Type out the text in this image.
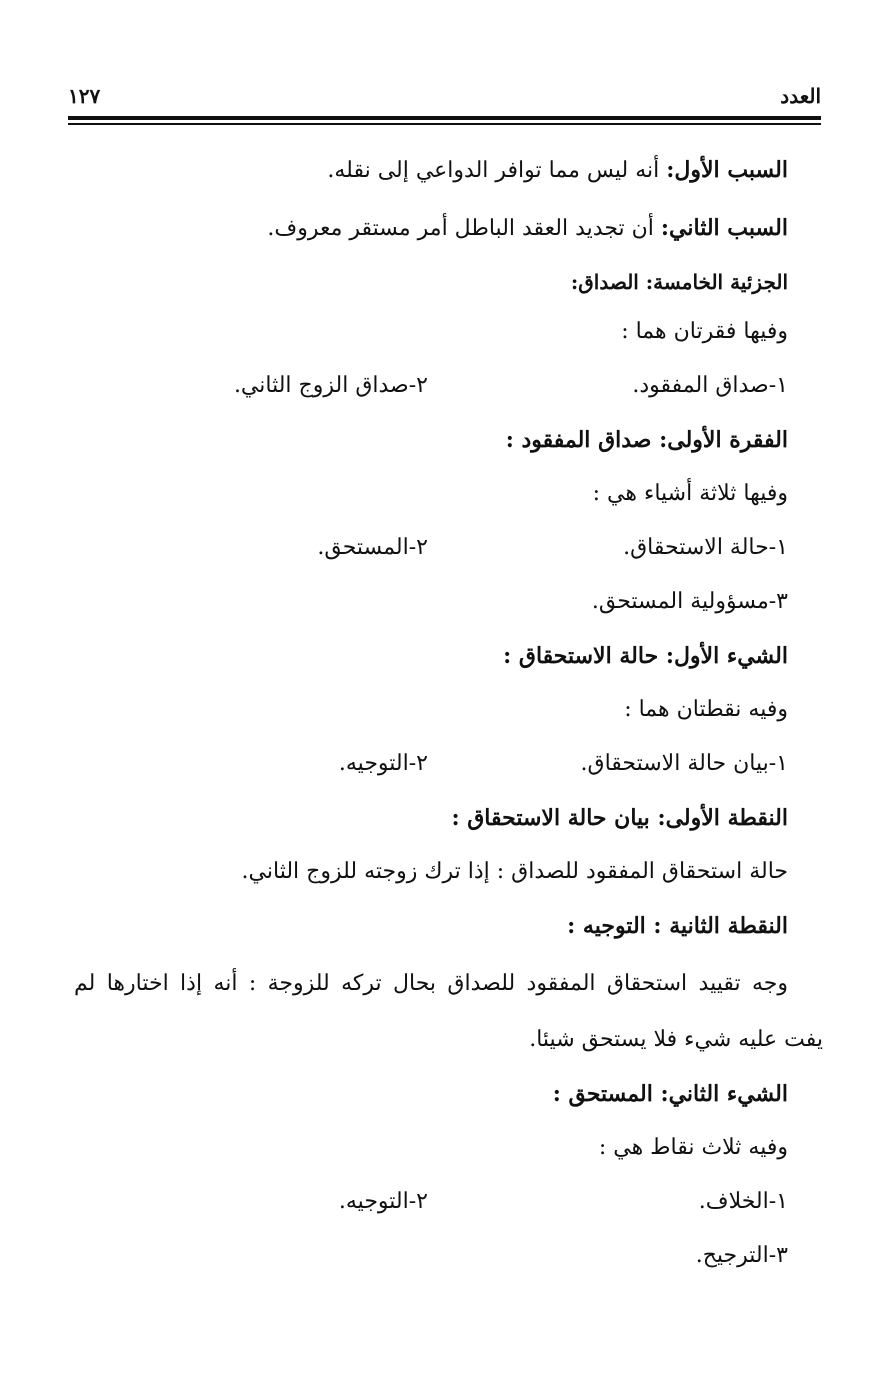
العدد
١٢٧
السبب الأول: أنه ليس مما توافر الدواعي إلى نقله.
السبب الثاني: أن تجديد العقد الباطل أمر مستقر معروف.
الجزئية الخامسة: الصداق:
وفيها فقرتان هما :
١-صداق المفقود.
٢-صداق الزوج الثاني.
الفقرة الأولى: صداق المفقود :
وفيها ثلاثة أشياء هي :
١-حالة الاستحقاق.
٢-المستحق.
٣-مسؤولية المستحق.
الشيء الأول: حالة الاستحقاق :
وفيه نقطتان هما :
١-بيان حالة الاستحقاق.
٢-التوجيه.
النقطة الأولى: بيان حالة الاستحقاق :
حالة استحقاق المفقود للصداق : إذا ترك زوجته للزوج الثاني.
النقطة الثانية : التوجيه :
وجه تقييد استحقاق المفقود للصداق بحال تركه للزوجة : أنه إذا اختارها لم
يفت عليه شيء فلا يستحق شيئا.
الشيء الثاني: المستحق :
وفيه ثلاث نقاط هي :
١-الخلاف.
٢-التوجيه.
٣-الترجيح.
